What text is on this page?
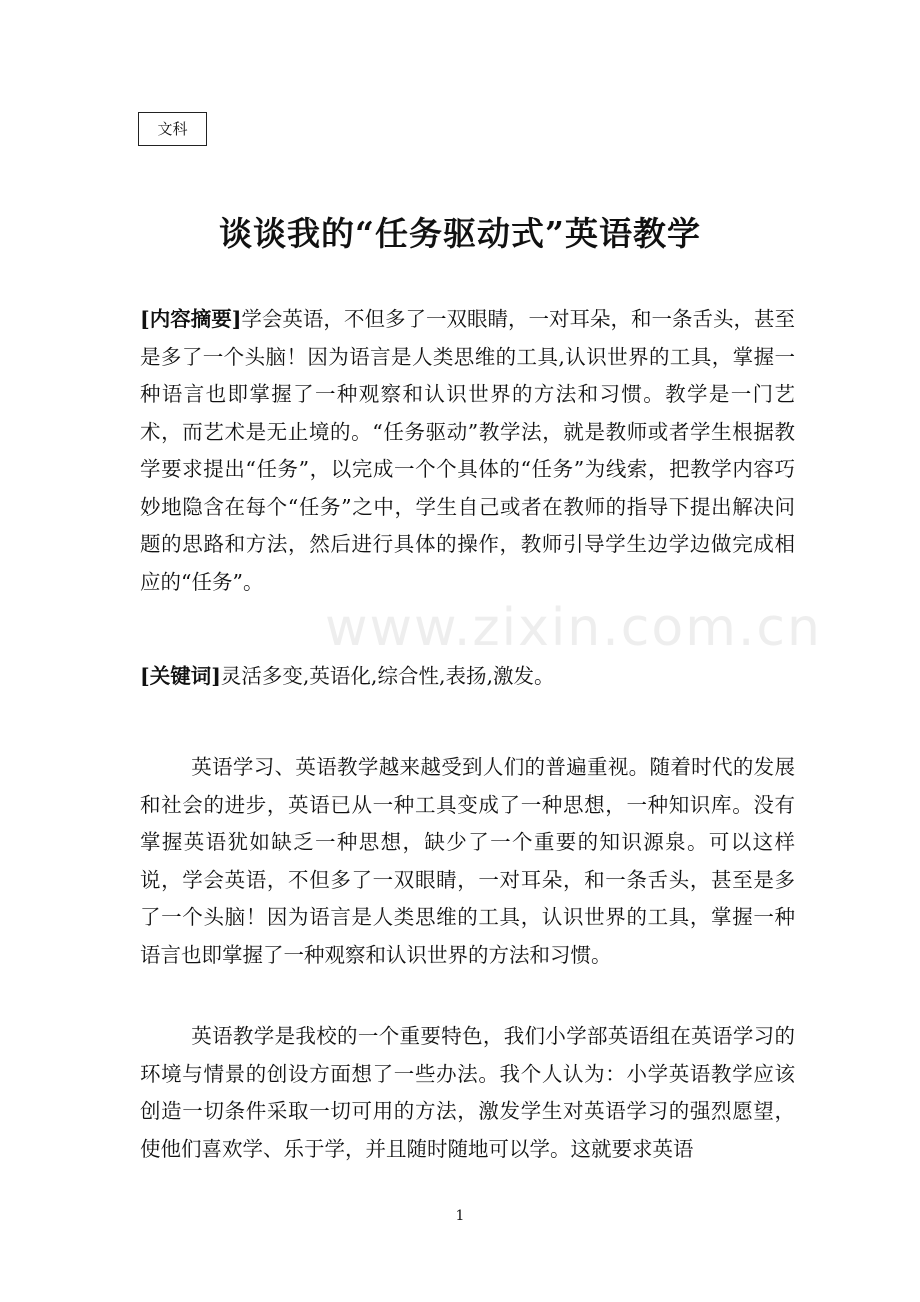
www.zixin.com.cn
文科
谈谈我的“任务驱动式”英语教学
[内容摘要]学会英语，不但多了一双眼睛，一对耳朵，和一条舌头，甚至是多了一个头脑！因为语言是人类思维的工具,认识世界的工具，掌握一种语言也即掌握了一种观察和认识世界的方法和习惯。教学是一门艺术，而艺术是无止境的。“任务驱动”教学法，就是教师或者学生根据教学要求提出“任务”，以完成一个个具体的“任务”为线索，把教学内容巧妙地隐含在每个“任务”之中，学生自己或者在教师的指导下提出解决问题的思路和方法，然后进行具体的操作，教师引导学生边学边做完成相应的“任务”。
[关键词]灵活多变,英语化,综合性,表扬,激发。
英语学习、英语教学越来越受到人们的普遍重视。随着时代的发展和社会的进步，英语已从一种工具变成了一种思想，一种知识库。没有掌握英语犹如缺乏一种思想，缺少了一个重要的知识源泉。可以这样说，学会英语，不但多了一双眼睛，一对耳朵，和一条舌头，甚至是多了一个头脑！因为语言是人类思维的工具，认识世界的工具，掌握一种语言也即掌握了一种观察和认识世界的方法和习惯。
英语教学是我校的一个重要特色，我们小学部英语组在英语学习的环境与情景的创设方面想了一些办法。我个人认为：小学英语教学应该创造一切条件采取一切可用的方法，激发学生对英语学习的强烈愿望，使他们喜欢学、乐于学，并且随时随地可以学。这就要求英语
1
